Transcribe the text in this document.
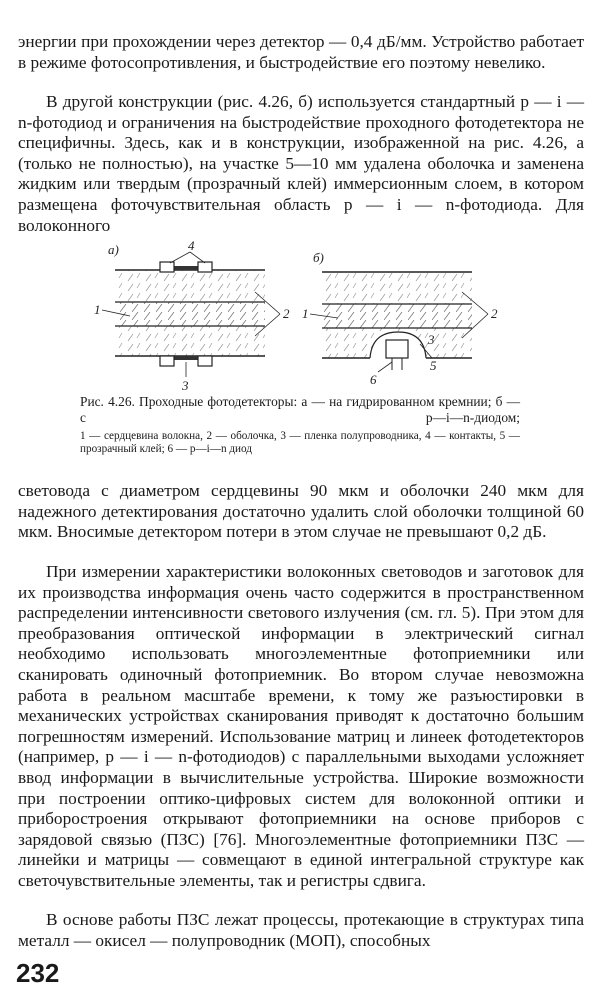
энергии при прохождении через детектор — 0,4 дБ/мм. Устройство работает в режиме фотосопротивления, и быстродействие его поэтому невелико.
В другой конструкции (рис. 4.26, б) используется стандартный p — i — n-фотодиод и ограничения на быстродействие проходного фотодетектора не специфичны. Здесь, как и в конструкции, изображенной на рис. 4.26, а (только не полностью), на участке 5—10 мм удалена оболочка и заменена жидким или твердым (прозрачный клей) иммерсионным слоем, в котором размещена фоточувствительная область p — i — n-фотодиода. Для волоконного
а)	4
1	2
3
б)
1	2
3
5
6
Рис. 4.26. Проходные фотодетекторы: а — на гидрированном кремнии; б — с p—i—n-диодом;
1 — сердцевина волокна, 2 — оболочка, 3 — пленка полупроводника, 4 — контакты, 5 — прозрачный клей; 6 — p—i—n диод
световода с диаметром сердцевины 90 мкм и оболочки 240 мкм для надежного детектирования достаточно удалить слой оболочки толщиной 60 мкм. Вносимые детектором потери в этом случае не превышают 0,2 дБ.
При измерении характеристики волоконных световодов и заготовок для их производства информация очень часто содержится в пространственном распределении интенсивности светового излучения (см. гл. 5). При этом для преобразования оптической информации в электрический сигнал необходимо использовать многоэлементные фотоприемники или сканировать одиночный фотоприемник. Во втором случае невозможна работа в реальном масштабе времени, к тому же разъюстировки в механических устройствах сканирования приводят к достаточно большим погрешностям измерений. Использование матриц и линеек фотодетекторов (например, p — i — n-фотодиодов) с параллельными выходами усложняет ввод информации в вычислительные устройства. Широкие возможности при построении оптико-цифровых систем для волоконной оптики и приборостроения открывают фотоприемники на основе приборов с зарядовой связью (ПЗС) [76]. Многоэлементные фотоприемники ПЗС — линейки и матрицы — совмещают в единой интегральной структуре как светочувствительные элементы, так и регистры сдвига.
В основе работы ПЗС лежат процессы, протекающие в структурах типа металл — окисел — полупроводник (МОП), способных
232
